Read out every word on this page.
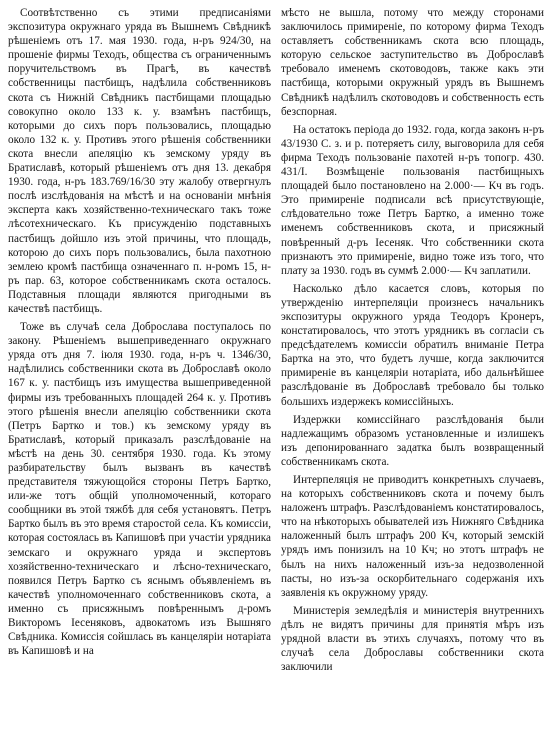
Соотвѣтственно съ этими предписаніями экспозитура окружнаго уряда въ Вышнемъ Свѣдникѣ рѣшеніемъ отъ 17. мая 1930. года, н-ръ 924/30, на прошеніе фирмы Теходъ, общества съ ограниченнымъ поручительствомъ въ Прагѣ, въ качествѣ собственницы пастбищъ, надѣлила собственниковъ скота съ Нижній Свѣдникъ пастбищами площадью совокупно около 133 к. у. взамѣнъ пастбищъ, которыми до сихъ поръ пользовались, площадью около 132 к. у. Противъ этого рѣшенія собственники скота внесли апеляцію къ земскому уряду въ Братиславѣ, который рѣшеніемъ отъ дня 13. декабря 1930. года, н-ръ 183.769/16/30 эту жалобу отвергнулъ послѣ изслѣдованія на мѣстѣ и на основаніи мнѣнія эксперта какъ хозяйственно-техническаго такъ тоже лѣсотехническаго. Къ присужденію подставныхъ пастбищъ дойшло изъ этой причины, что площадь, которою до сихъ поръ пользовались, была пахотною землею кромѣ пастбища означеннаго п. н-ромъ 15, н-ръ пар. 63, которое собственникамъ скота осталось. Подставныя площади являются пригодными въ качествѣ пастбищъ.

Тоже въ случаѣ села Доброслава поступалось по закону. Рѣшеніемъ вышеприведеннаго окружнаго уряда отъ дня 7. іюля 1930. года, н-ръ ч. 1346/30, надѣлились собственники скота въ Доброславѣ около 167 к. у. пастбищъ изъ имущества вышеприведенной фирмы изъ требованныхъ площадей 264 к. у. Противъ этого рѣшенія внесли апеляцію собственники скота (Петръ Бартко и тов.) къ земскому уряду въ Братиславѣ, который приказалъ разслѣдованіе на мѣстѣ на день 30. сентября 1930. года. Къ этому разбирательству былъ вызванъ въ качествѣ представителя тяжующойся стороны Петръ Бартко, или-же тотъ общій уполномоченный, котораго сообщники въ этой тяжбѣ для себя установятъ. Петръ Бартко былъ въ это время старостой села. Къ комиссіи, которая состоялась въ Капишовѣ при участіи урядника земскаго и окружнаго уряда и экспертовъ хозяйственно-техническаго и лѣсно-техническаго, появился Петръ Бартко съ яснымъ объявленіемъ въ качествѣ уполномоченнаго собственниковъ скота, а именно съ присяжнымъ повѣреннымъ д-ромъ Викторомъ Iесеняковъ, адвокатомъ изъ Вышняго Свѣдника. Комиссія сойшлась въ канцеляріи нотаріата въ Капишовѣ и на

мѣсто не вышла, потому что между сторонами заключилось примиреніе, по которому фирма Теходъ оставляетъ собственникамъ скота всю площадь, которую сельское заступительство въ Доброславѣ требовало именемъ скотоводовъ, также какъ эти пастбища, которыми окружный урядъ въ Вышнемъ Свѣдникѣ надѣлилъ скотоводовъ и собственность есть безспорная.

На остатокъ періода до 1932. года, когда законъ н-ръ 43/1930 С. з. и р. потеряетъ силу, выговорила для себя фирма Теходъ пользованіе пахотей н-ръ топогр. 430. 431/I. Возмѣщеніе пользованія пастбищныхъ площадей было постановлено на 2.000·— Кч въ годъ. Это примиреніе подписали всѣ присутствующіе, слѣдовательно тоже Петръ Бартко, а именно тоже именемъ собственниковъ скота, и присяжный повѣренный д-ръ Iесеняк. Что собственники скота признаютъ это примиреніе, видно тоже изъ того, что плату за 1930. годъ въ суммѣ 2.000·— Кч заплатили.

Насколько дѣло касается словъ, которыя по утвержденію интерпеляціи произнесъ начальникъ экспозитуры окружного уряда Теодоръ Кронеръ, констатировалось, что этотъ урядникъ въ согласіи съ предсѣдателемъ комиссіи обратилъ вниманіе Петра Бартка на это, что будетъ лучше, когда заключится примиреніе въ канцеляріи нотаріата, ибо дальнѣйшее разслѣдованіе въ Доброславѣ требовало бы только большихъ издержекъ комиссійныхъ.

Издержки комиссійнаго разслѣдованія были надлежащимъ образомъ установленные и излишекъ изъ депонированнаго задатка былъ возвращенный собственникамъ скота.

Интерпеляція не приводитъ конкретныхъ случаевъ, на которыхъ собственниковъ скота и почему былъ наложенъ штрафъ. Разслѣдованіемъ констатировалось, что на нѣкоторыхъ обывателей изъ Нижняго Свѣдника наложенный былъ штрафъ 200 Кч, который земскій урядъ имъ понизилъ на 10 Кч; но этотъ штрафъ не былъ на нихъ наложенный изъ-за недозволенной пасты, но изъ-за оскорбительнаго содержанія ихъ заявленія къ окружному уряду.

Министерія земледѣлія и министерія внутреннихъ дѣлъ не видятъ причины для принятія мѣръ изъ урядной власти въ этихъ случаяхъ, потому что въ случаѣ села Доброславы собственники скота заключили
